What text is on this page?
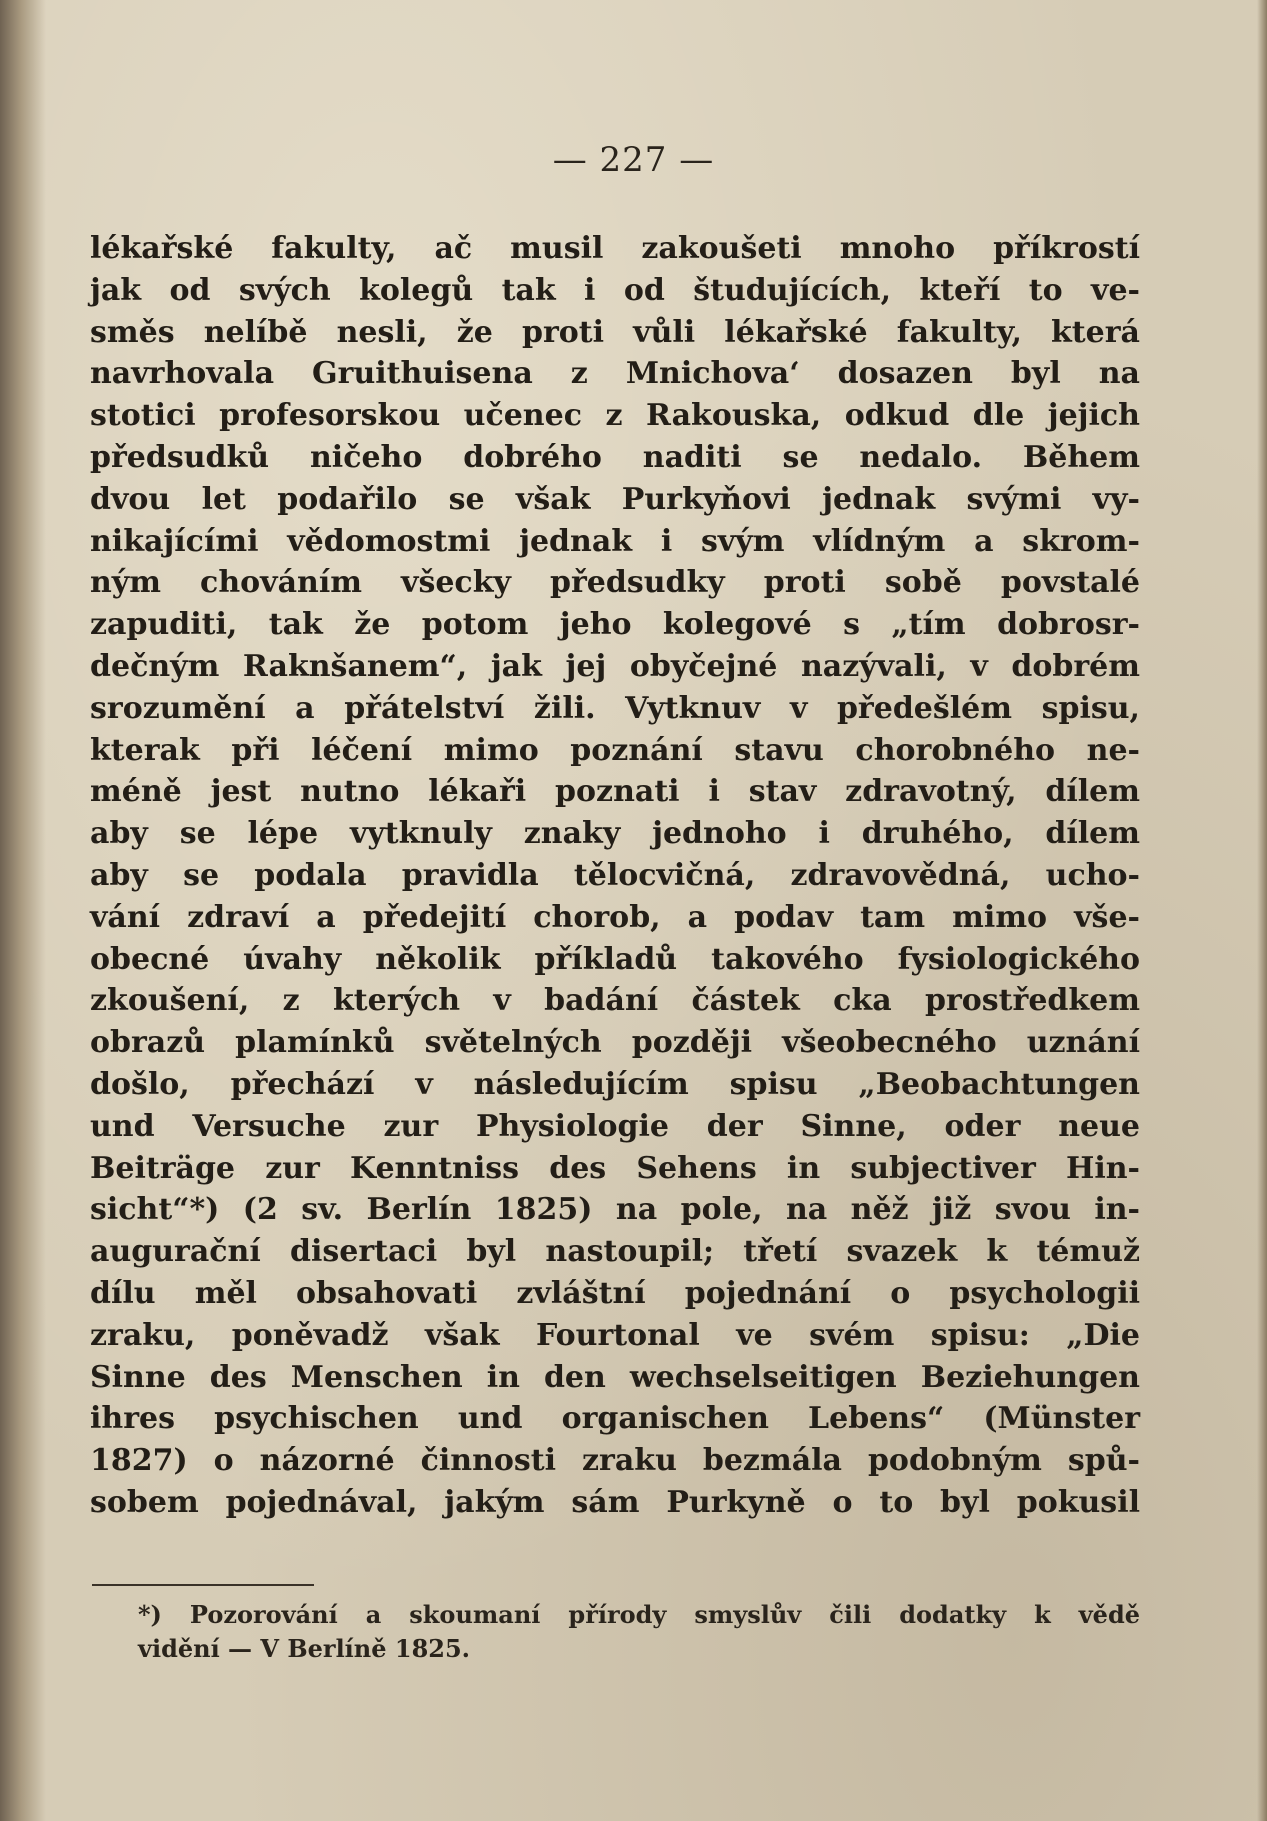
— 227 —
lékařské fakulty, ač musil zakoušeti mnoho příkrostí
jak od svých kolegů tak i od študujících, kteří to ve-
směs nelíbě nesli, že proti vůli lékařské fakulty, která
navrhovala Gruithuisena z Mnichova‘ dosazen byl na
stotici profesorskou učenec z Rakouska, odkud dle jejich
předsudků ničeho dobrého naditi se nedalo. Během
dvou let podařilo se však Purkyňovi jednak svými vy-
nikajícími vědomostmi jednak i svým vlídným a skrom-
ným chováním všecky předsudky proti sobě povstalé
zapuditi, tak že potom jeho kolegové s „tím dobrosr-
dečným Raknšanem“, jak jej obyčejné nazývali, v dobrém
srozumění a přátelství žili. Vytknuv v předešlém spisu,
kterak při léčení mimo poznání stavu chorobného ne-
méně jest nutno lékaři poznati i stav zdravotný, dílem
aby se lépe vytknuly znaky jednoho i druhého, dílem
aby se podala pravidla tělocvičná, zdravovědná, ucho-
vání zdraví a předejití chorob, a podav tam mimo vše-
obecné úvahy několik příkladů takového fysiologického
zkoušení, z kterých v badání částek cka prostředkem
obrazů plamínků světelných později všeobecného uznání
došlo, přechází v následujícím spisu „Beobachtungen
und Versuche zur Physiologie der Sinne, oder neue
Beiträge zur Kenntniss des Sehens in subjectiver Hin-
sicht“*) (2 sv. Berlín 1825) na pole, na něž již svou in-
augurační disertaci byl nastoupil; třetí svazek k témuž
dílu měl obsahovati zvláštní pojednání o psychologii
zraku, poněvadž však Fourtonal ve svém spisu: „Die
Sinne des Menschen in den wechselseitigen Beziehungen
ihres psychischen und organischen Lebens“ (Münster
1827) o názorné činnosti zraku bezmála podobným spů-
sobem pojednával, jakým sám Purkyně o to byl pokusil
*) Pozorování a skoumaní přírody smyslův čili dodatky k vědě
vidění — V Berlíně 1825.
